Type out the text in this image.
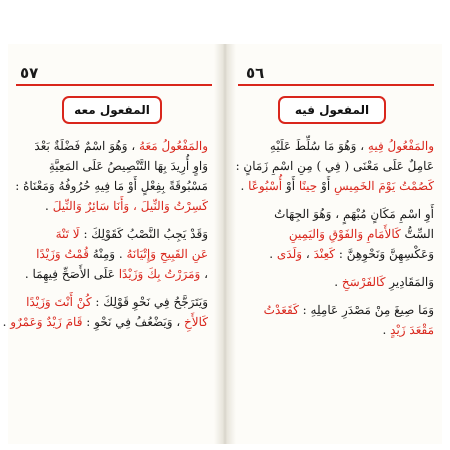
٥٧
المفعول معه
والمَفْعُولُ مَعَهُ ، وَهُوَ اسْمٌ فَضْلَةٌ بَعْدَ
وَاوٍ أُرِيدَ بِهَا التَّنْصِيصُ عَلَى المَعِيَّةِ
مَسْبُوقَةً بِفِعْلٍ أَوْ مَا فِيهِ حُرُوفُهُ وَمَعْنَاهُ :
كَسِرْتُ وَالنِّيلَ ، وَأَنَا سَائِرٌ وَالنِّيلَ .
وَقَدْ يَجِبُ النَّصْبُ كَقَوْلِكَ : لَا تَنْهَ
عَنِ القَبِيحِ وَإِتْيَانَهُ . وَمِنْهُ قُمْتُ وَزَيْدًا
، وَمَرَرْتُ بِكَ وَزَيْدًا عَلَى الأَصَحِّ فِيهِمَا .
وَيَتَرَجَّحُ فِي نَحْوِ قَوْلِكَ : كُنْ أَنْتَ وَزَيْدًا
كَالأَخِ ، وَيَضْعُفُ فِي نَحْوِ : قَامَ زَيْدٌ وَعَمْرٌو .
٥٦
المفعول فيه
والمَفْعُولُ فِيهِ ، وَهُوَ مَا سُلِّطَ عَلَيْهِ
عَامِلٌ عَلَى مَعْنَى ( فِي ) مِنِ اسْمِ زَمَانٍ :
كَصُمْتُ يَوْمَ الخَمِيسِ أَوْ حِينًا أَوْ أُسْبُوعًا .
أَوِ اسْمِ مَكَانٍ مُبْهَمٍ ، وَهُوَ الجِهَاتُ
السِّتُّ كَالأَمَامِ وَالفَوْقِ وَاليَمِينِ
وَعَكْسِهِنَّ وَنَحْوِهِنَّ : كَعِنْدَ ، وَلَدَى .
وَالمَقَادِيرِ كَالفَرْسَخِ .
وَمَا صِيغَ مِنْ مَصْدَرِ عَامِلِهِ : كَقَعَدْتُ
مَقْعَدَ زَيْدٍ .
